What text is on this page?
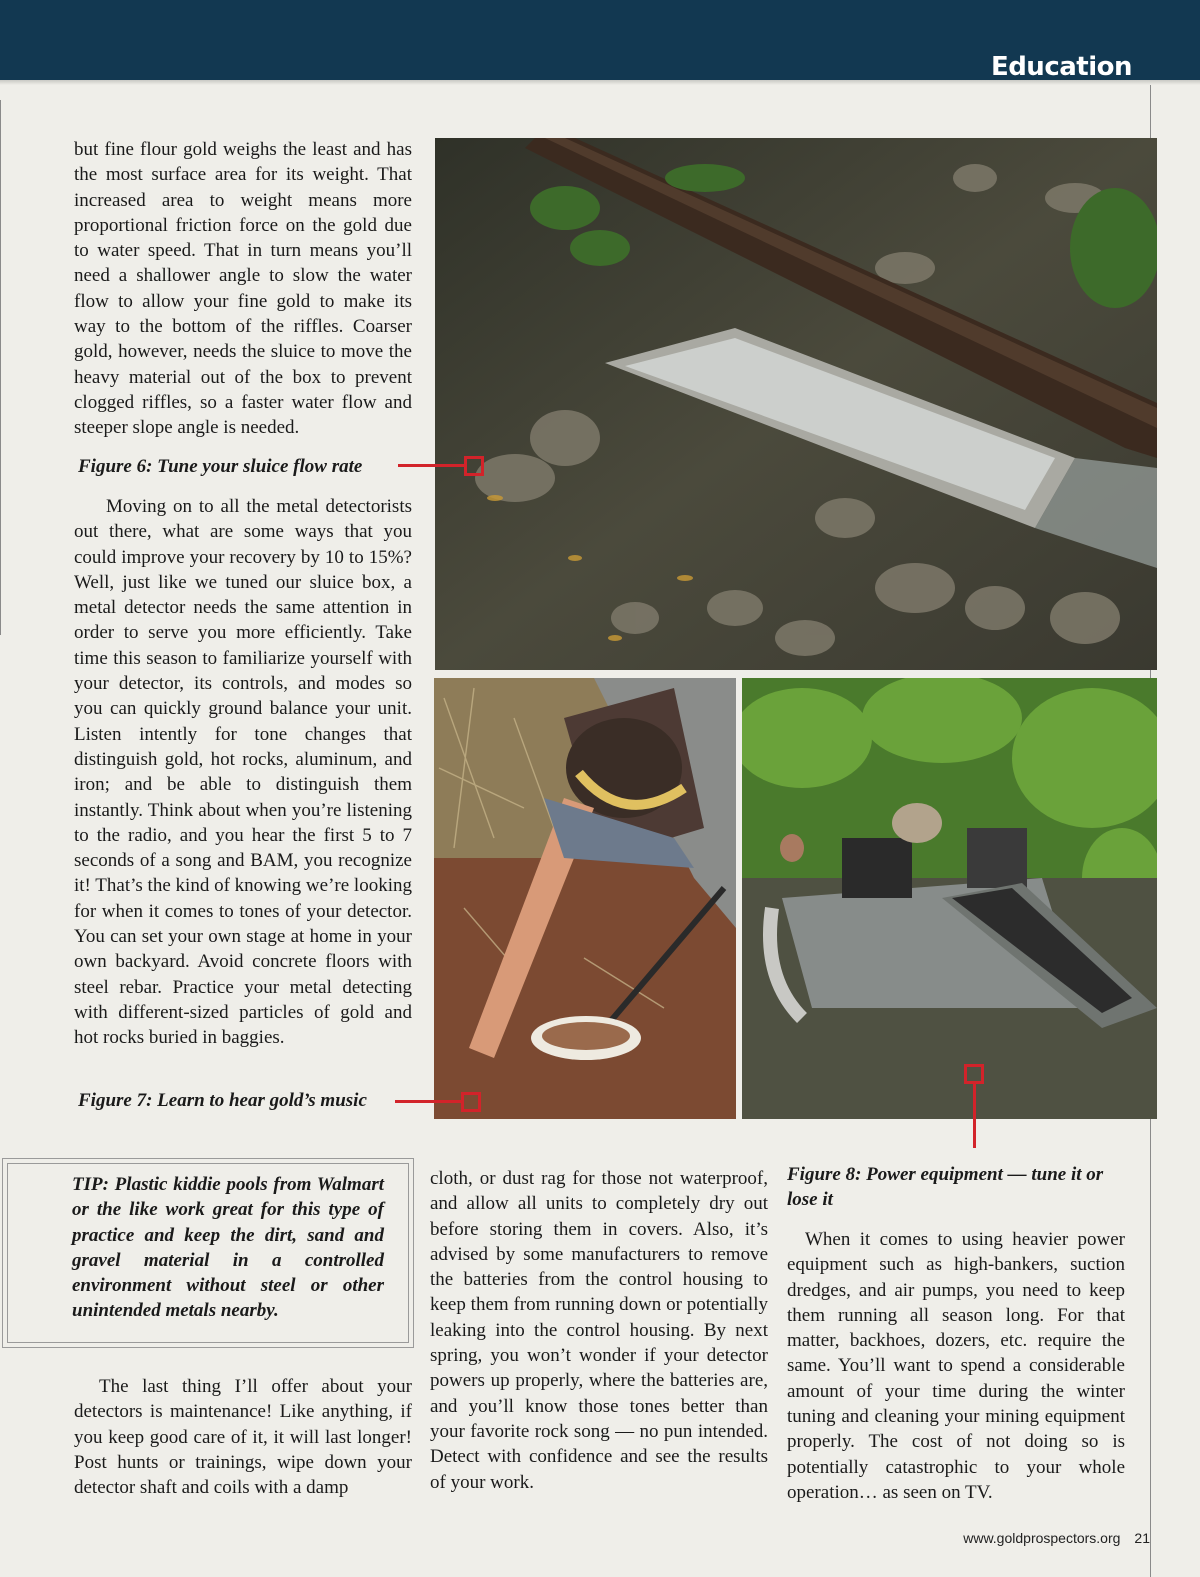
Education

but fine flour gold weighs the least and has the most surface area for its weight. That increased area to weight means more proportional friction force on the gold due to water speed. That in turn means you’ll need a shallower angle to slow the water flow to allow your fine gold to make its way to the bottom of the riffles. Coarser gold, however, needs the sluice to move the heavy material out of the box to prevent clogged riffles, so a faster water flow and steeper slope angle is needed.

Figure 6: Tune your sluice flow rate

Moving on to all the metal detectorists out there, what are some ways that you could improve your recovery by 10 to 15%? Well, just like we tuned our sluice box, a metal detector needs the same attention in order to serve you more efficiently. Take time this season to familiarize yourself with your detector, its controls, and modes so you can quickly ground balance your unit. Listen intently for tone changes that distinguish gold, hot rocks, aluminum, and iron; and be able to distinguish them instantly. Think about when you’re listening to the radio, and you hear the first 5 to 7 seconds of a song and BAM, you recognize it! That’s the kind of knowing we’re looking for when it comes to tones of your detector. You can set your own stage at home in your own backyard. Avoid concrete floors with steel rebar. Practice your metal detecting with different-sized particles of gold and hot rocks buried in baggies.

Figure 7: Learn to hear gold’s music
TIP: Plastic kiddie pools from Walmart or the like work great for this type of practice and keep the dirt, sand and gravel material in a controlled environment without steel or other unintended metals nearby.

The last thing I’ll offer about your detectors is maintenance! Like anything, if you keep good care of it, it will last longer! Post hunts or trainings, wipe down your detector shaft and coils with a damp

cloth, or dust rag for those not waterproof, and allow all units to completely dry out before storing them in covers. Also, it’s advised by some manufacturers to remove the batteries from the control housing to keep them from running down or potentially leaking into the control housing. By next spring, you won’t wonder if your detector powers up properly, where the batteries are, and you’ll know those tones better than your favorite rock song — no pun intended. Detect with confidence and see the results of your work.

Figure 8: Power equipment — tune it or lose it

When it comes to using heavier power equipment such as high-bankers, suction dredges, and air pumps, you need to keep them running all season long. For that matter, backhoes, dozers, etc. require the same. You’ll want to spend a considerable amount of your time during the winter tuning and cleaning your mining equipment properly. The cost of not doing so is potentially catastrophic to your whole operation… as seen on TV.

www.goldprospectors.org 21
